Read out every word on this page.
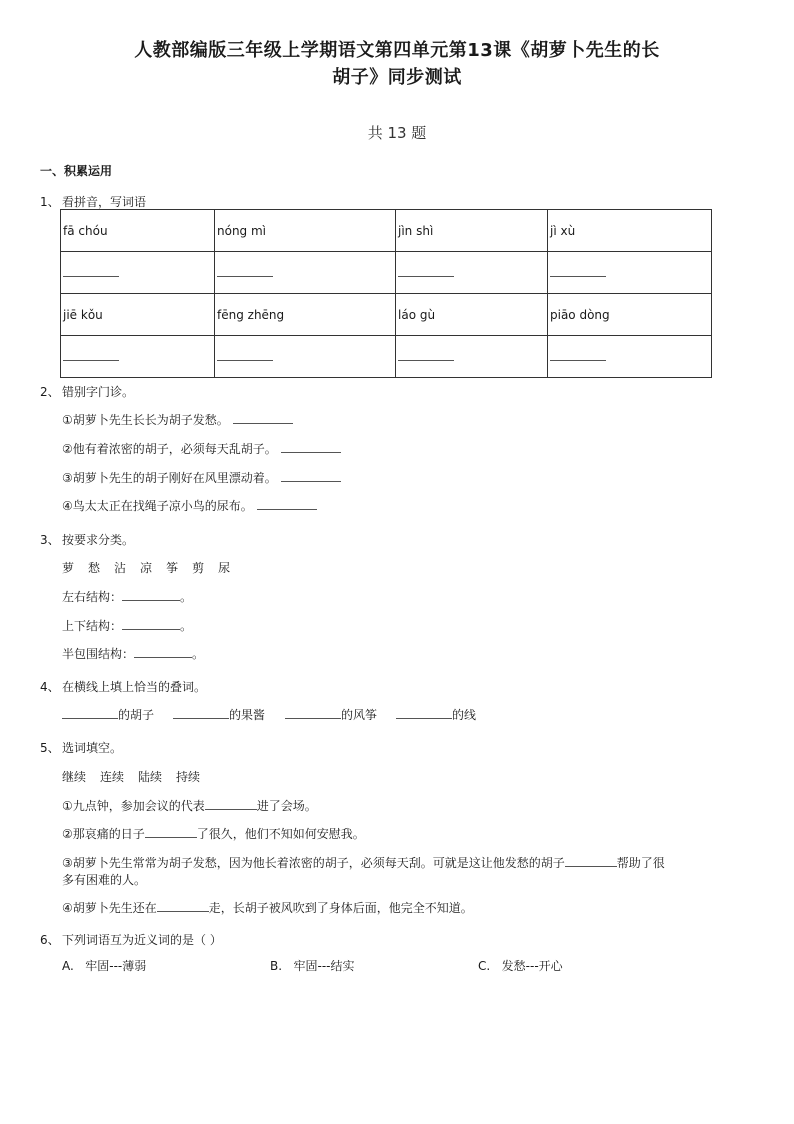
人教部编版三年级上学期语文第四单元第13课《胡萝卜先生的长
胡子》同步测试
共 13 题
一、积累运用
1、 看拼音，写词语
fā chóu	nóng mì	jìn shì	jì xù

jiē kǒu	fēng zhēng	láo gù	piāo dòng

2、 错别字门诊。
①胡萝卜先生长长为胡子发愁。
②他有着浓密的胡子，必须每天乱胡子。
③胡萝卜先生的胡子刚好在风里漂动着。
④鸟太太正在找绳子凉小鸟的尿布。
3、 按要求分类。
萝 愁 沾 凉 筝 剪 尿
左右结构：	。
上下结构：	。
半包围结构：	。
4、 在横线上填上恰当的叠词。
的胡子	的果酱	的风筝	的线
5、 选词填空。
继续 连续 陆续 持续
①九点钟，参加会议的代表	进了会场。
②那哀痛的日子	了很久，他们不知如何安慰我。
③胡萝卜先生常常为胡子发愁，因为他长着浓密的胡子，必须每天刮。可就是这让他发愁的胡子	帮助了很
多有困难的人。
④胡萝卜先生还在	走，长胡子被风吹到了身体后面，他完全不知道。
6、 下列词语互为近义词的是（ ）
A. 牢固---薄弱	B. 牢固---结实	C. 发愁---开心
